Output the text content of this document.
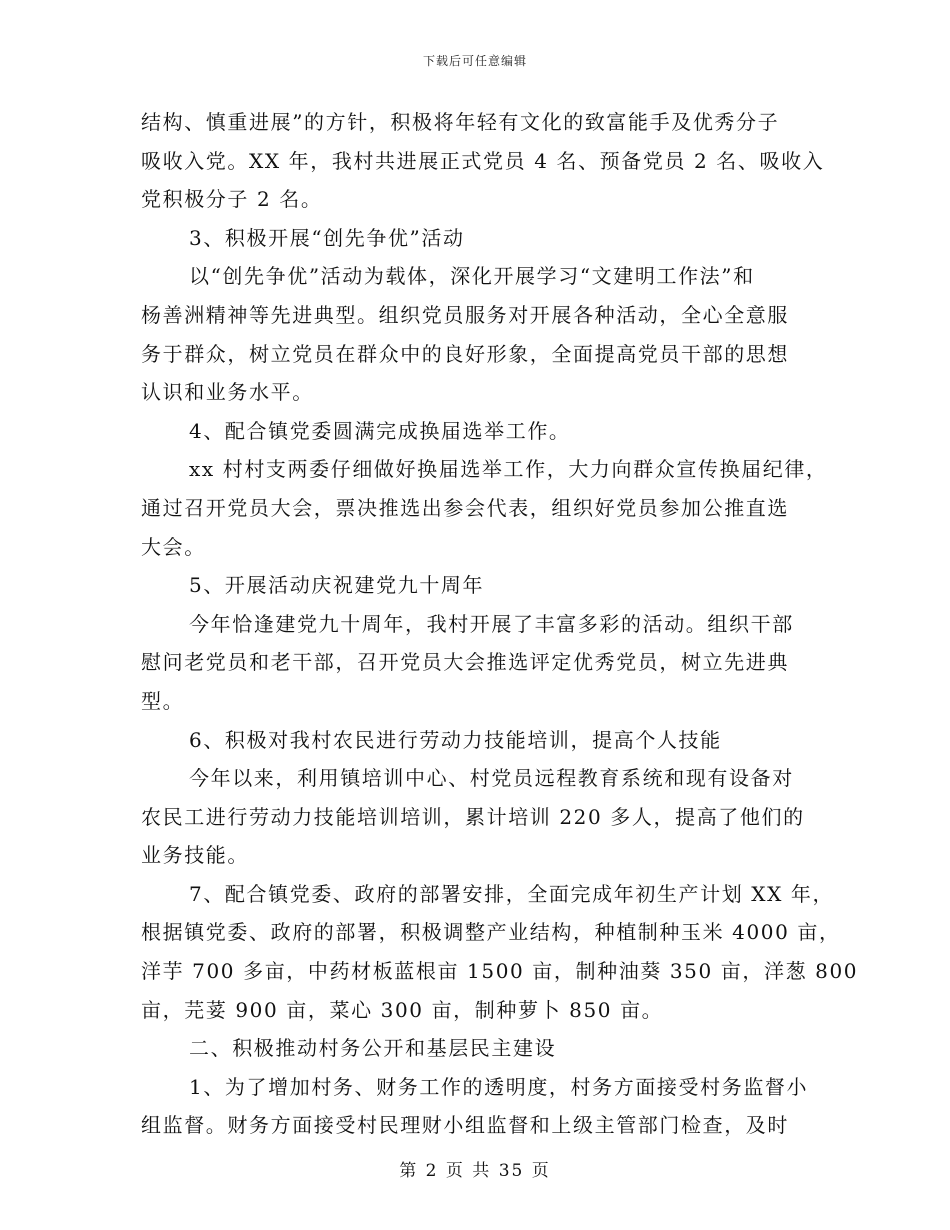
下载后可任意编辑
结构、慎重进展”的方针，积极将年轻有文化的致富能手及优秀分子
吸收入党。XX 年，我村共进展正式党员 4 名、预备党员 2 名、吸收入
党积极分子 2 名。
3、积极开展“创先争优”活动
以“创先争优”活动为载体，深化开展学习“文建明工作法”和
杨善洲精神等先进典型。组织党员服务对开展各种活动，全心全意服
务于群众，树立党员在群众中的良好形象，全面提高党员干部的思想
认识和业务水平。
4、配合镇党委圆满完成换届选举工作。
xx 村村支两委仔细做好换届选举工作，大力向群众宣传换届纪律，
通过召开党员大会，票决推选出参会代表，组织好党员参加公推直选
大会。
5、开展活动庆祝建党九十周年
今年恰逢建党九十周年，我村开展了丰富多彩的活动。组织干部
慰问老党员和老干部，召开党员大会推选评定优秀党员，树立先进典
型。
6、积极对我村农民进行劳动力技能培训，提高个人技能
今年以来，利用镇培训中心、村党员远程教育系统和现有设备对
农民工进行劳动力技能培训培训，累计培训 220 多人，提高了他们的
业务技能。
7、配合镇党委、政府的部署安排，全面完成年初生产计划 XX 年，
根据镇党委、政府的部署，积极调整产业结构，种植制种玉米 4000 亩，
洋芋 700 多亩，中药材板蓝根亩 1500 亩，制种油葵 350 亩，洋葱 800
亩，芫荽 900 亩，菜心 300 亩，制种萝卜 850 亩。
二、积极推动村务公开和基层民主建设
1、为了增加村务、财务工作的透明度，村务方面接受村务监督小
组监督。财务方面接受村民理财小组监督和上级主管部门检查，及时
第 2 页 共 35 页
